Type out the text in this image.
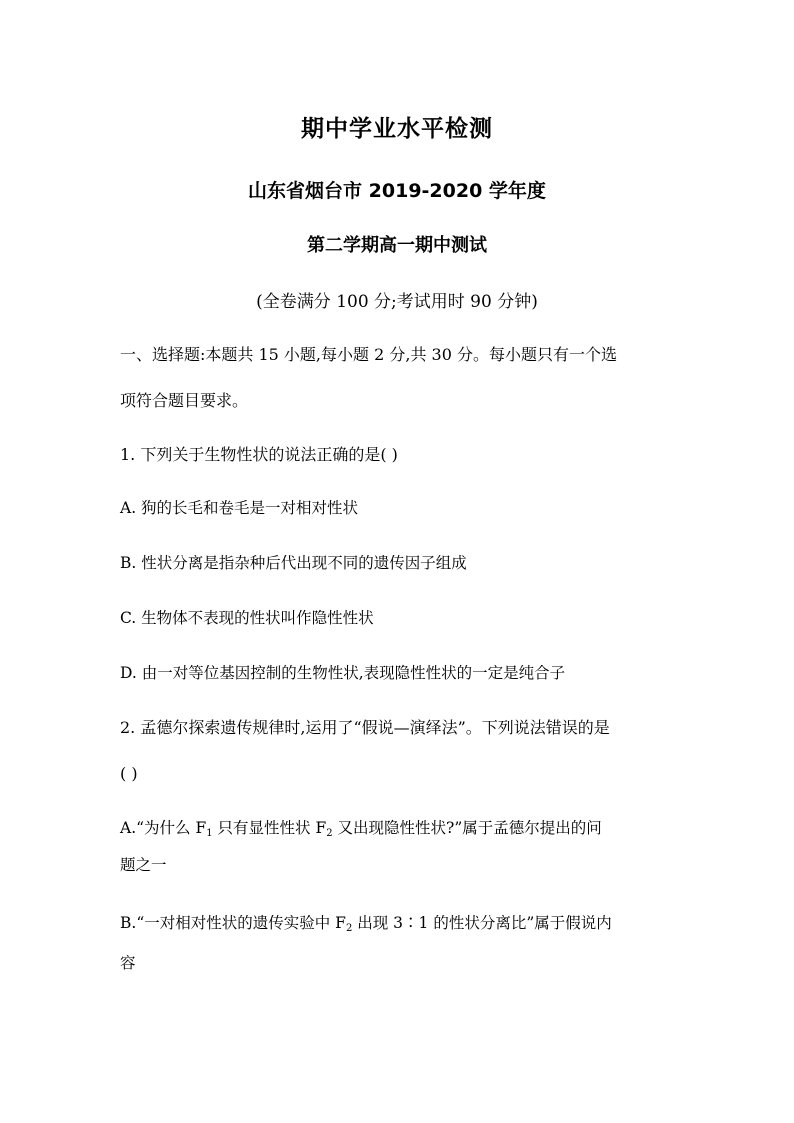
期中学业水平检测
山东省烟台市 2019-2020 学年度
第二学期高一期中测试
(全卷满分 100 分;考试用时 90 分钟)
一、选择题:本题共 15 小题,每小题 2 分,共 30 分。每小题只有一个选
项符合题目要求。
1. 下列关于生物性状的说法正确的是( )
A. 狗的长毛和卷毛是一对相对性状
B. 性状分离是指杂种后代出现不同的遗传因子组成
C. 生物体不表现的性状叫作隐性性状
D. 由一对等位基因控制的生物性状,表现隐性性状的一定是纯合子
2. 孟德尔探索遗传规律时,运用了“假说—演绎法”。下列说法错误的是
( )
A.“为什么 $F_1$ 只有显性性状 $F_2$ 又出现隐性性状?”属于孟德尔提出的问
题之一
B.“一对相对性状的遗传实验中 $F_2$ 出现 3∶1 的性状分离比”属于假说内
容
